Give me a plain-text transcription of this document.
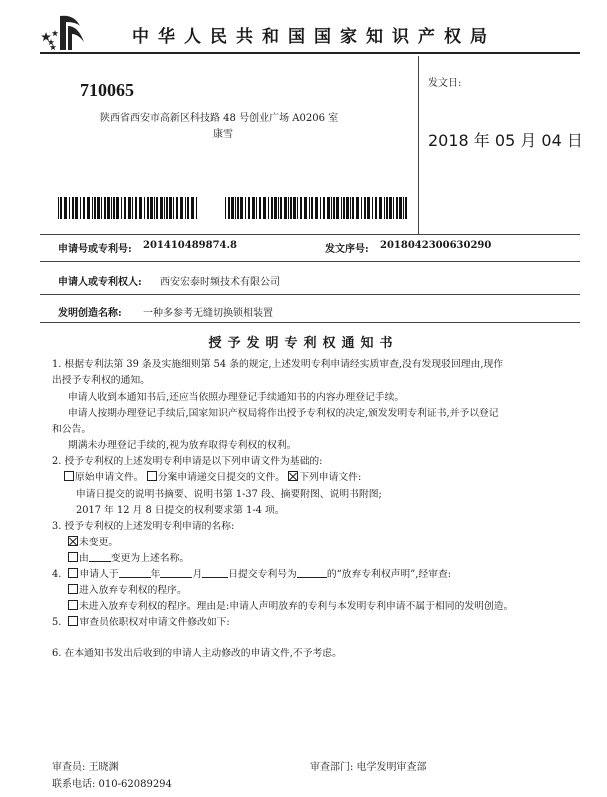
中华人民共和国国家知识产权局
710065
陕西省西安市高新区科技路 48 号创业广场 A0206 室
康雪
发文日:
2018 年 05 月 04 日
申请号或专利号: 201410489874.8	发文序号: 2018042300630290
申请人或专利权人: 西安宏泰时频技术有限公司
发明创造名称: 一种多参考无缝切换锁相装置
授予发明专利权通知书
1. 根据专利法第 39 条及实施细则第 54 条的规定,上述发明专利申请经实质审查,没有发现驳回理由,现作
出授予专利权的通知。
申请人收到本通知书后,还应当依照办理登记手续通知书的内容办理登记手续。
申请人按期办理登记手续后,国家知识产权局将作出授予专利权的决定,颁发发明专利证书,并予以登记
和公告。
期满未办理登记手续的,视为放弃取得专利权的权利。
2. 授予专利权的上述发明专利申请是以下列申请文件为基础的:
原始申请文件。 分案申请递交日提交的文件。 下列申请文件:
申请日提交的说明书摘要、说明书第 1-37 段、摘要附图、说明书附图;
2017 年 12 月 8 日提交的权利要求第 1-4 项。
3. 授予专利权的上述发明专利申请的名称:
未变更。
由 变更为上述名称。
4. 申请人于	年	月	日提交专利号为	的“放弃专利权声明”,经审查:
进入放弃专利权的程序。
未进入放弃专利权的程序。理由是:申请人声明放弃的专利与本发明专利申请不属于相同的发明创造。
5. 审查员依职权对申请文件修改如下:
6. 在本通知书发出后收到的申请人主动修改的申请文件,不予考虑。
审查员: 王晓渊
联系电话: 010-62089294
审查部门: 电学发明审查部
